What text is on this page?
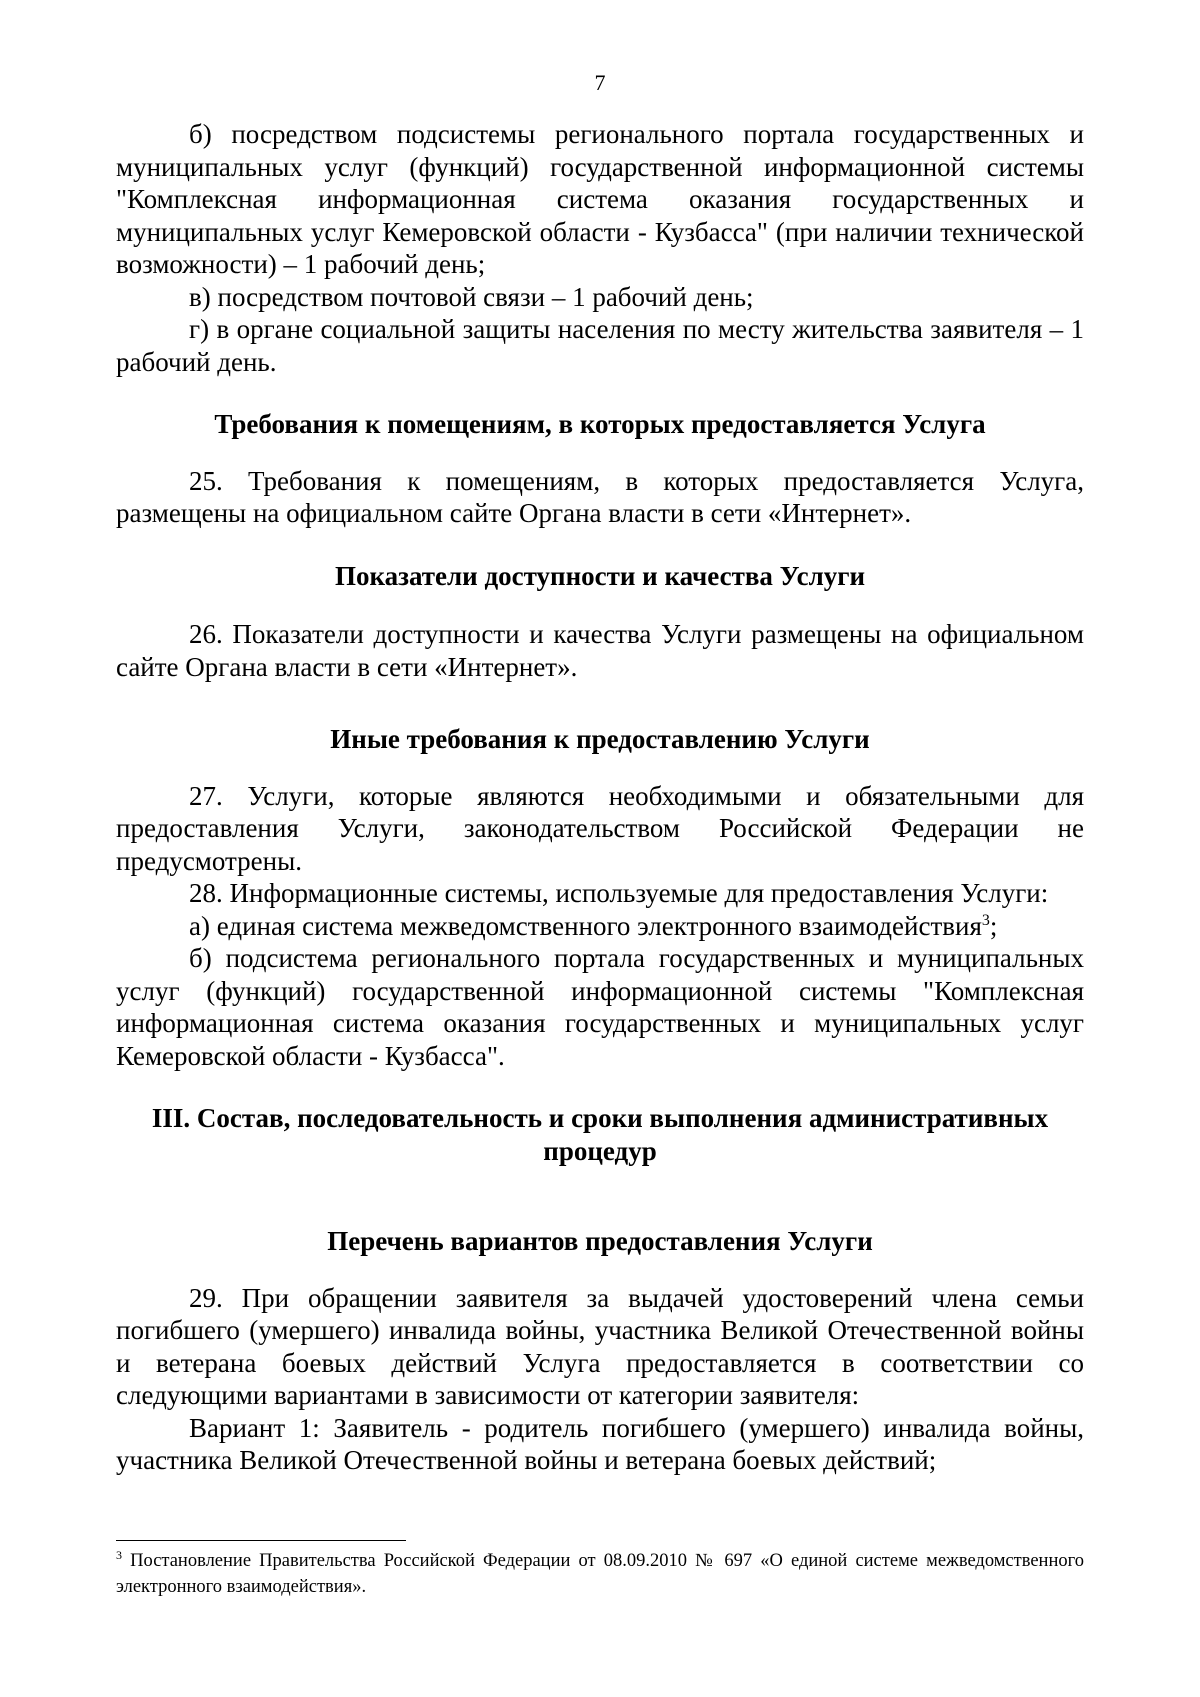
7

б) посредством подсистемы регионального портала государственных и муниципальных услуг (функций) государственной информационной системы "Комплексная информационная система оказания государственных и муниципальных услуг Кемеровской области - Кузбасса" (при наличии технической возможности) – 1 рабочий день;

в) посредством почтовой связи – 1 рабочий день;

г) в органе социальной защиты населения по месту жительства заявителя – 1 рабочий день.

Требования к помещениям, в которых предоставляется Услуга

25. Требования к помещениям, в которых предоставляется Услуга, размещены на официальном сайте Органа власти в сети «Интернет».

Показатели доступности и качества Услуги

26. Показатели доступности и качества Услуги размещены на официальном сайте Органа власти в сети «Интернет».

Иные требования к предоставлению Услуги

27. Услуги, которые являются необходимыми и обязательными для предоставления Услуги, законодательством Российской Федерации не предусмотрены.

28. Информационные системы, используемые для предоставления Услуги:

а) единая система межведомственного электронного взаимодействия$^3$;

б) подсистема регионального портала государственных и муниципальных услуг (функций) государственной информационной системы "Комплексная информационная система оказания государственных и муниципальных услуг Кемеровской области - Кузбасса".

III. Состав, последовательность и сроки выполнения административных процедур
Перечень вариантов предоставления Услуги

29. При обращении заявителя за выдачей удостоверений члена семьи погибшего (умершего) инвалида войны, участника Великой Отечественной войны и ветерана боевых действий Услуга предоставляется в соответствии со следующими вариантами в зависимости от категории заявителя:

Вариант 1: Заявитель - родитель погибшего (умершего) инвалида войны, участника Великой Отечественной войны и ветерана боевых действий;

$^3$ Постановление Правительства Российской Федерации от 08.09.2010 № 697 «О единой системе межведомственного электронного взаимодействия».
